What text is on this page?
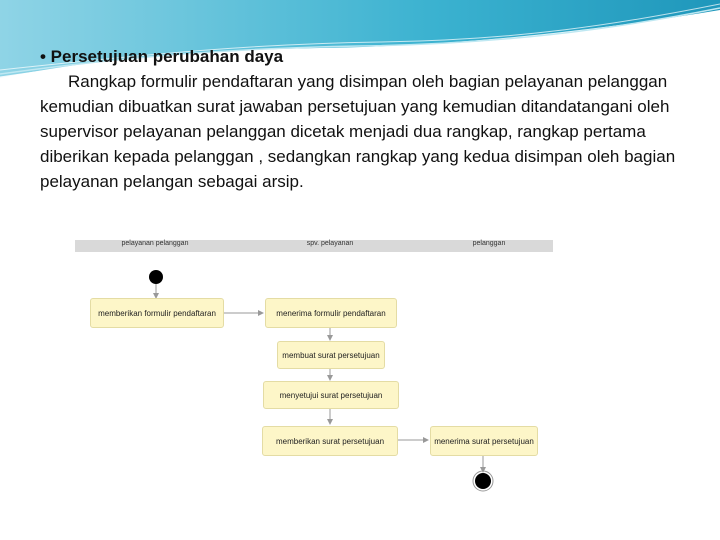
• Persetujuan perubahan daya
Rangkap formulir pendaftaran yang disimpan oleh bagian pelayanan pelanggan kemudian dibuatkan surat jawaban persetujuan yang kemudian ditandatangani oleh supervisor pelayanan pelanggan dicetak menjadi dua rangkap, rangkap pertama diberikan kepada pelanggan , sedangkan rangkap yang kedua disimpan oleh bagian pelayanan pelangan sebagai arsip.
pelayanan pelanggan	spv. pelayanan	pelanggan
memberikan formulir pendaftaran	menerima formulir pendaftaran
membuat surat persetujuan
menyetujui surat persetujuan
memberikan surat persetujuan	menerima surat persetujuan
